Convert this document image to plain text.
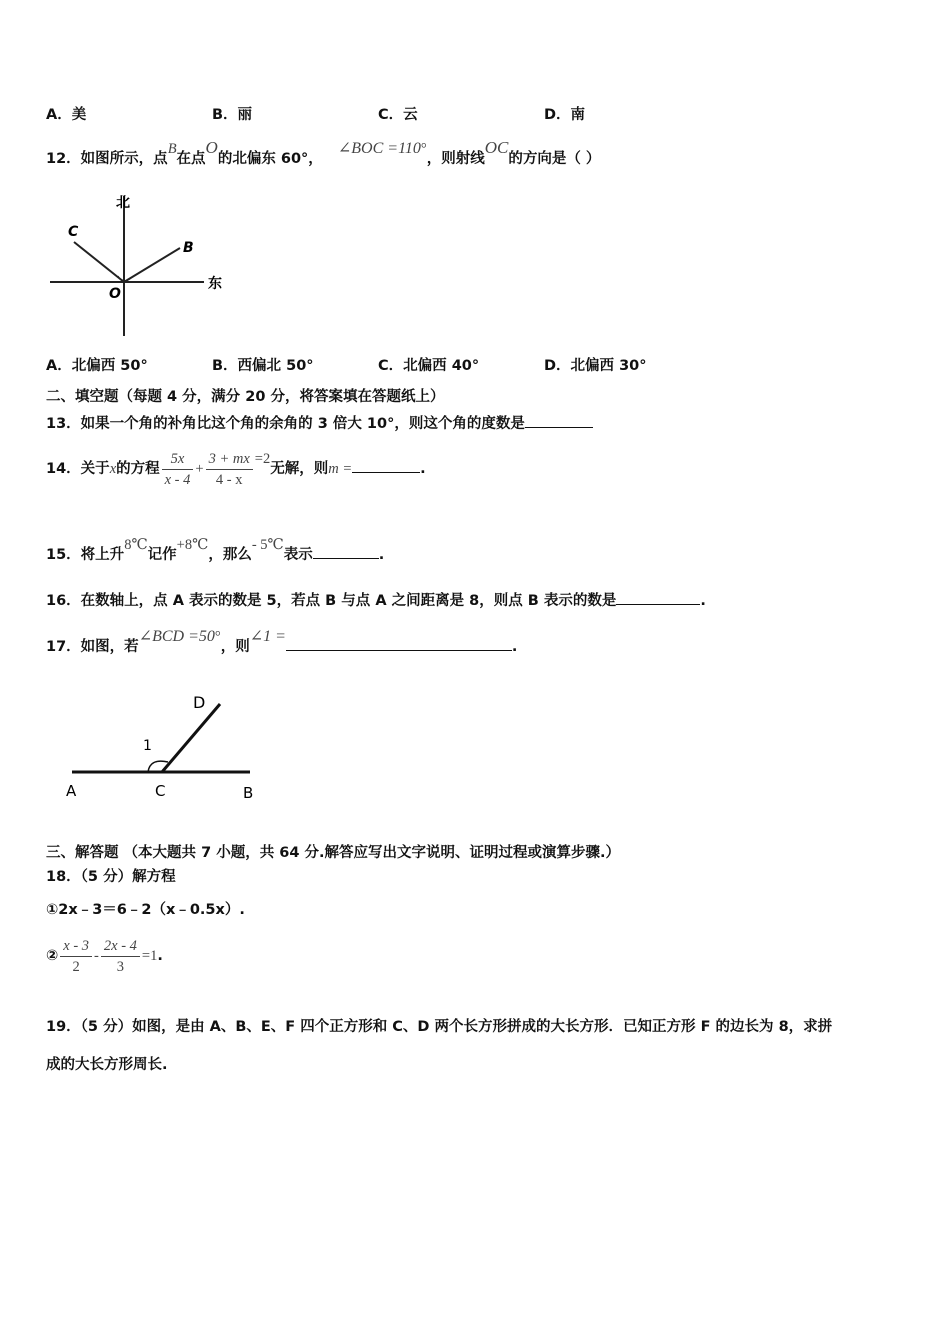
A．美	B．丽	C．云	D．南
12．如图所示，点B在点O的北偏东 60°， ∠BOC =110°，则射线OC的方向是（ ）
北
东
C
B
O
A．北偏西 50°	B．西偏北 50°	C．北偏西 40°	D．北偏西 30°
二、填空题（每题 4 分，满分 20 分，将答案填在答题纸上）
13．如果一个角的补角比这个角的余角的 3 倍大 10°，则这个角的度数是
14．关于x的方程 $\frac{5x}{x - 4} + \frac{3 + mx}{4 - x} =2$无解，则m =	.
15．将上升8℃记作+8℃，那么- 5℃表示	.
16．在数轴上，点 A 表示的数是 5，若点 B 与点 A 之间距离是 8，则点 B 表示的数是	.
17．如图，若∠BCD =50°，则∠1 =.
D
1
A	C	B
三、解答题 （本大题共 7 小题，共 64 分.解答应写出文字说明、证明过程或演算步骤.）
18．（5 分）解方程
①2x﹣3＝6﹣2（x﹣0.5x）.
② $\frac{x - 3}{2} - \frac{2x - 4}{3} =1$.
19．（5 分）如图，是由 A、B、E、F 四个正方形和 C、D 两个长方形拼成的大长方形．已知正方形 F 的边长为 8，求拼
成的大长方形周长.
